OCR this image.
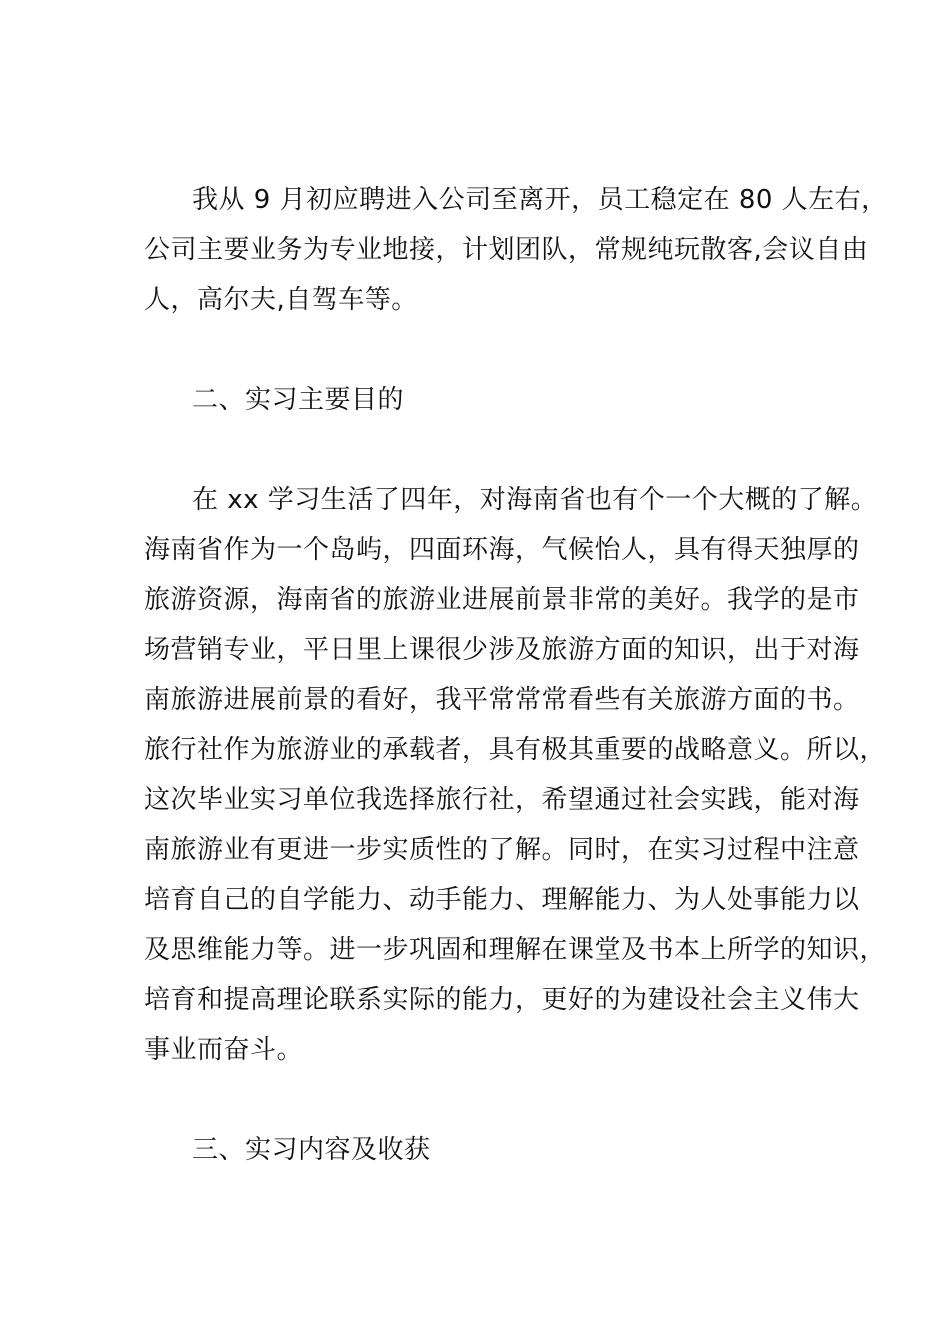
我从 9 月初应聘进入公司至离开，员工稳定在 80 人左右，
公司主要业务为专业地接，计划团队，常规纯玩散客,会议自由
人，高尔夫,自驾车等。
二、实习主要目的
在 xx 学习生活了四年，对海南省也有个一个大概的了解。
海南省作为一个岛屿，四面环海，气候怡人，具有得天独厚的
旅游资源，海南省的旅游业进展前景非常的美好。我学的是市
场营销专业，平日里上课很少涉及旅游方面的知识，出于对海
南旅游进展前景的看好，我平常常常看些有关旅游方面的书。
旅行社作为旅游业的承载者，具有极其重要的战略意义。所以，
这次毕业实习单位我选择旅行社，希望通过社会实践，能对海
南旅游业有更进一步实质性的了解。同时，在实习过程中注意
培育自己的自学能力、动手能力、理解能力、为人处事能力以
及思维能力等。进一步巩固和理解在课堂及书本上所学的知识，
培育和提高理论联系实际的能力，更好的为建设社会主义伟大
事业而奋斗。
三、实习内容及收获
